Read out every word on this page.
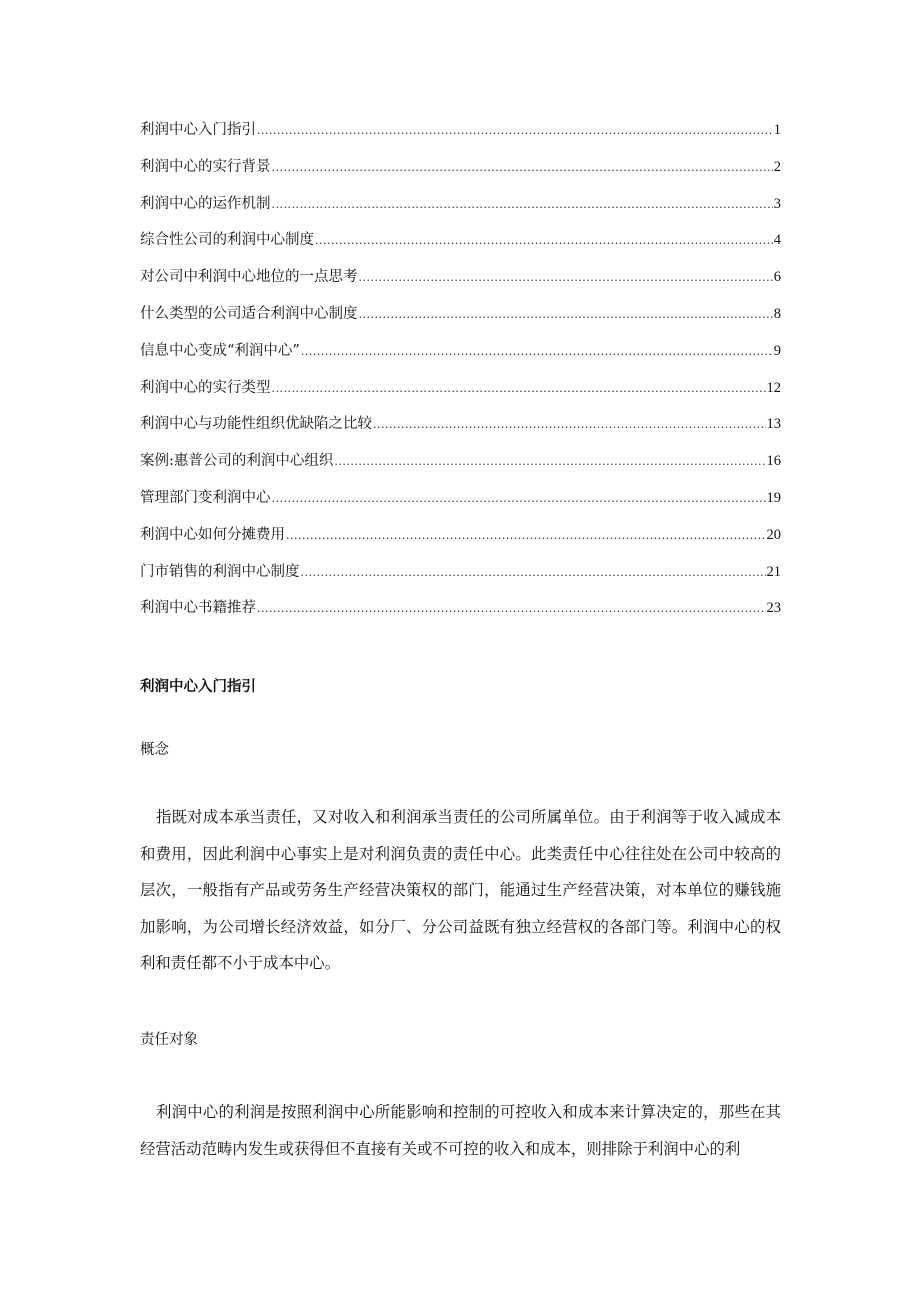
利润中心入门指引 .....	1
利润中心的实行背景 .....	2
利润中心的运作机制 .....	3
综合性公司的利润中心制度 .....	4
对公司中利润中心地位的一点思考 .....	6
什么类型的公司适合利润中心制度 .....	8
信息中心变成“利润中心” .....	9
利润中心的实行类型 .....	12
利润中心与功能性组织优缺陷之比较 .....	13
案例:惠普公司的利润中心组织 .....	16
管理部门变利润中心 .....	19
利润中心如何分摊费用 .....	20
门市销售的利润中心制度 .....	21
利润中心书籍推荐 .....	23
利润中心入门指引
概念

指既对成本承当责任，又对收入和利润承当责任的公司所属单位。由于利润等于收入减成本和费用，因此利润中心事实上是对利润负责的责任中心。此类责任中心往往处在公司中较高的层次，一般指有产品或劳务生产经营决策权的部门，能通过生产经营决策，对本单位的赚钱施加影响，为公司增长经济效益，如分厂、分公司益既有独立经营权的各部门等。利润中心的权利和责任都不小于成本中心。

责任对象

利润中心的利润是按照利润中心所能影响和控制的可控收入和成本来计算决定的，那些在其经营活动范畴内发生或获得但不直接有关或不可控的收入和成本，则排除于利润中心的利
